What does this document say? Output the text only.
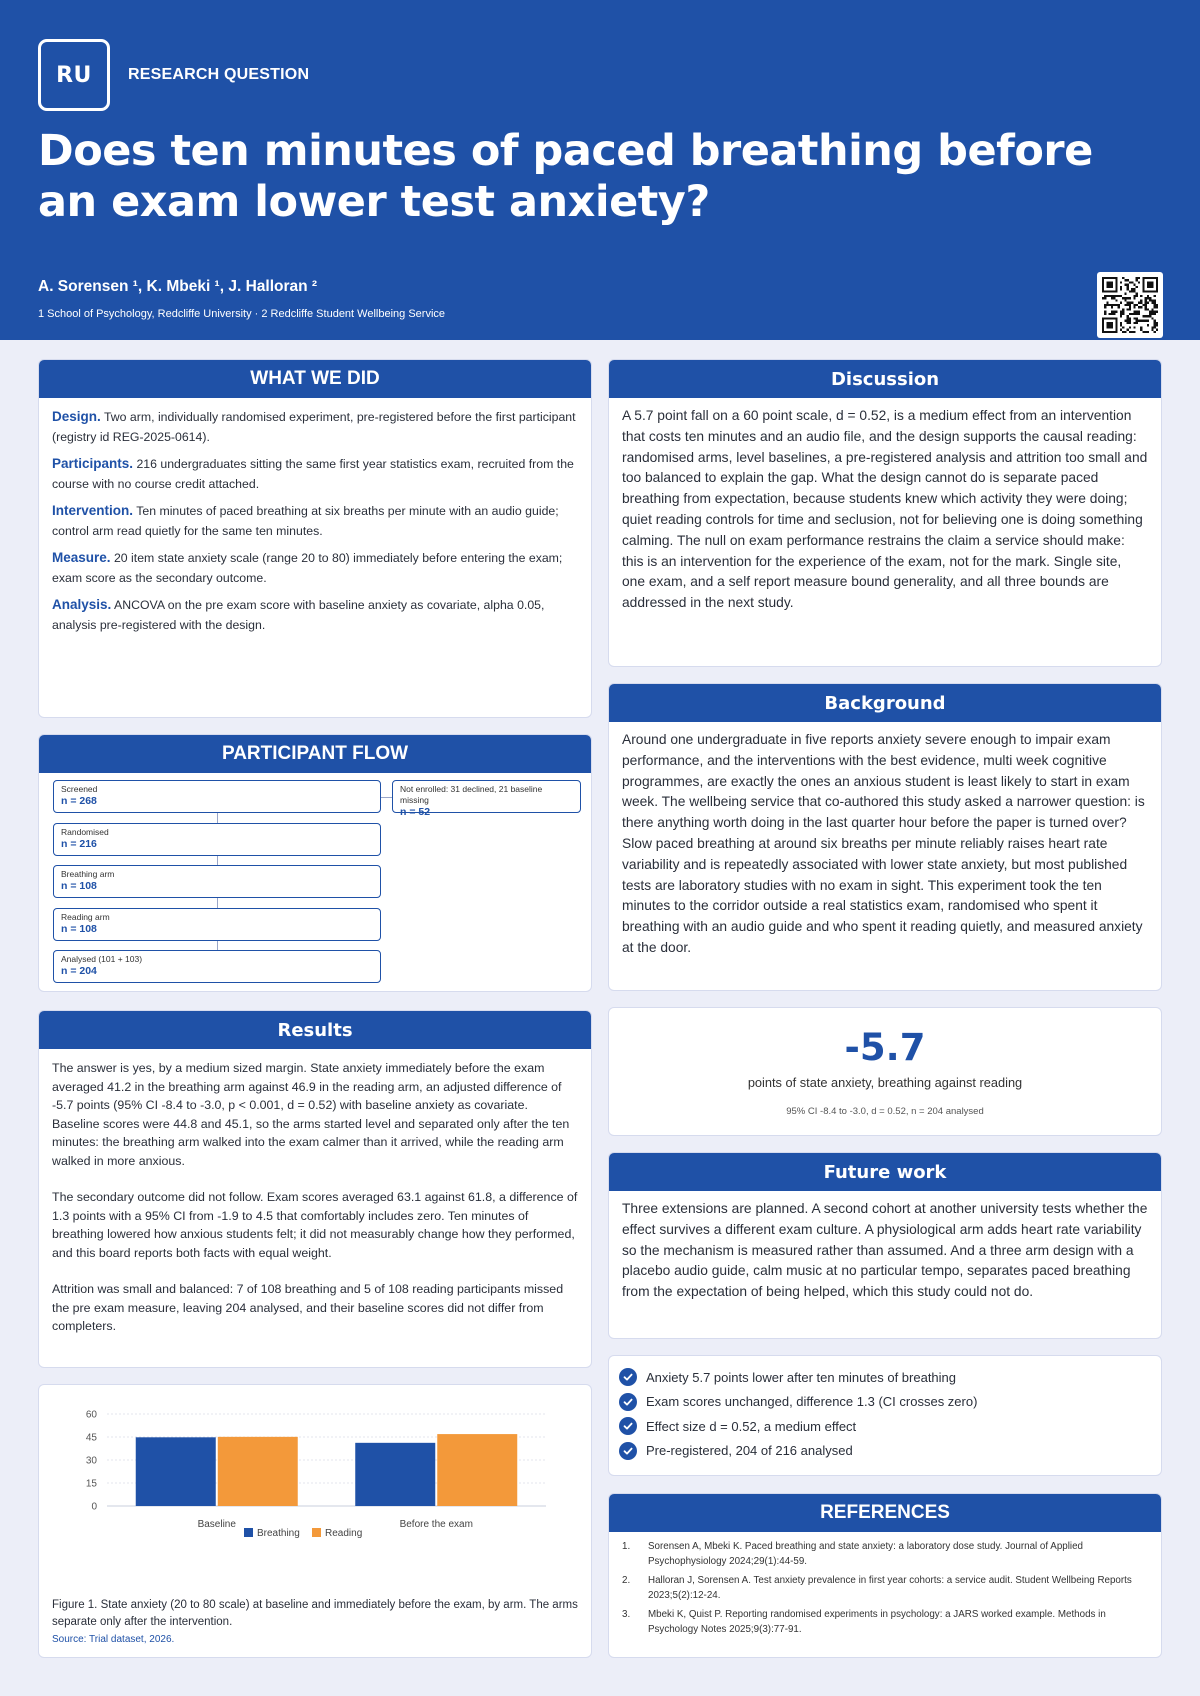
RU	RESEARCH QUESTION
Does ten minutes of paced breathing before an exam lower test anxiety?
A. Sorensen ¹, K. Mbeki ¹, J. Halloran ²
1 School of Psychology, Redcliffe University · 2 Redcliffe Student Wellbeing Service
WHAT WE DID
Design. Two arm, individually randomised experiment, pre-registered before the first participant (registry id REG-2025-0614).
Participants. 216 undergraduates sitting the same first year statistics exam, recruited from the course with no course credit attached.
Intervention. Ten minutes of paced breathing at six breaths per minute with an audio guide; control arm read quietly for the same ten minutes.
Measure. 20 item state anxiety scale (range 20 to 80) immediately before entering the exam; exam score as the secondary outcome.
Analysis. ANCOVA on the pre exam score with baseline anxiety as covariate, alpha 0.05, analysis pre-registered with the design.
PARTICIPANT FLOW
Screened
n = 268
Randomised
n = 216
Breathing arm
n = 108
Reading arm
n = 108
Analysed (101 + 103)
n = 204
Not enrolled: 31 declined, 21 baseline missing
n = 52
Results
The answer is yes, by a medium sized margin. State anxiety immediately before the exam averaged 41.2 in the breathing arm against 46.9 in the reading arm, an adjusted difference of -5.7 points (95% CI -8.4 to -3.0, p < 0.001, d = 0.52) with baseline anxiety as covariate. Baseline scores were 44.8 and 45.1, so the arms started level and separated only after the ten minutes: the breathing arm walked into the exam calmer than it arrived, while the reading arm walked in more anxious.
The secondary outcome did not follow. Exam scores averaged 63.1 against 61.8, a difference of 1.3 points with a 95% CI from -1.9 to 4.5 that comfortably includes zero. Ten minutes of breathing lowered how anxious students felt; it did not measurably change how they performed, and this board reports both facts with equal weight.
Attrition was small and balanced: 7 of 108 breathing and 5 of 108 reading participants missed the pre exam measure, leaving 204 analysed, and their baseline scores did not differ from completers.
0
15
30
45
60
Baseline	Before the exam
Breathing	Reading
Figure 1. State anxiety (20 to 80 scale) at baseline and immediately before the exam, by arm. The arms separate only after the intervention.
Source: Trial dataset, 2026.
Discussion
A 5.7 point fall on a 60 point scale, d = 0.52, is a medium effect from an intervention that costs ten minutes and an audio file, and the design supports the causal reading: randomised arms, level baselines, a pre-registered analysis and attrition too small and too balanced to explain the gap. What the design cannot do is separate paced breathing from expectation, because students knew which activity they were doing; quiet reading controls for time and seclusion, not for believing one is doing something calming. The null on exam performance restrains the claim a service should make: this is an intervention for the experience of the exam, not for the mark. Single site, one exam, and a self report measure bound generality, and all three bounds are addressed in the next study.
Background
Around one undergraduate in five reports anxiety severe enough to impair exam performance, and the interventions with the best evidence, multi week cognitive programmes, are exactly the ones an anxious student is least likely to start in exam week. The wellbeing service that co-authored this study asked a narrower question: is there anything worth doing in the last quarter hour before the paper is turned over? Slow paced breathing at around six breaths per minute reliably raises heart rate variability and is repeatedly associated with lower state anxiety, but most published tests are laboratory studies with no exam in sight. This experiment took the ten minutes to the corridor outside a real statistics exam, randomised who spent it breathing with an audio guide and who spent it reading quietly, and measured anxiety at the door.
-5.7
points of state anxiety, breathing against reading
95% CI -8.4 to -3.0, d = 0.52, n = 204 analysed
Future work
Three extensions are planned. A second cohort at another university tests whether the effect survives a different exam culture. A physiological arm adds heart rate variability so the mechanism is measured rather than assumed. And a three arm design with a placebo audio guide, calm music at no particular tempo, separates paced breathing from the expectation of being helped, which this study could not do.
Anxiety 5.7 points lower after ten minutes of breathing
Exam scores unchanged, difference 1.3 (CI crosses zero)
Effect size d = 0.52, a medium effect
Pre-registered, 204 of 216 analysed
REFERENCES
1.	Sorensen A, Mbeki K. Paced breathing and state anxiety: a laboratory dose study. Journal of Applied Psychophysiology 2024;29(1):44-59.
2.	Halloran J, Sorensen A. Test anxiety prevalence in first year cohorts: a service audit. Student Wellbeing Reports 2023;5(2):12-24.
3.	Mbeki K, Quist P. Reporting randomised experiments in psychology: a JARS worked example. Methods in Psychology Notes 2025;9(3):77-91.
